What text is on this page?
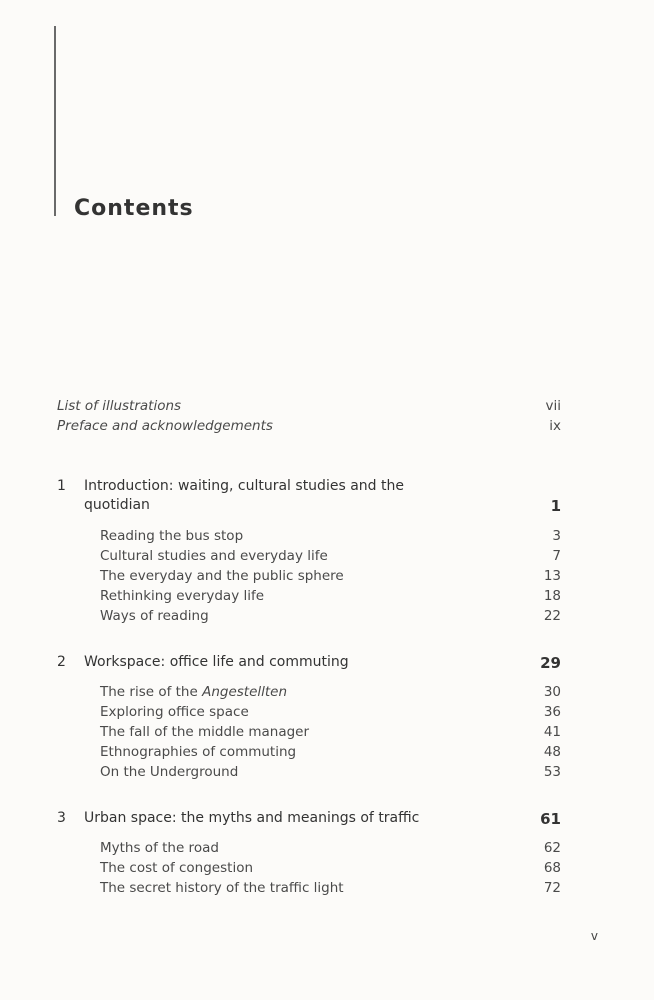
Contents
List of illustrations	vii
Preface and acknowledgements	ix
1 Introduction: waiting, cultural studies and the
quotidian	1
Reading the bus stop	3
Cultural studies and everyday life	7
The everyday and the public sphere	13
Rethinking everyday life	18
Ways of reading	22
2 Workspace: office life and commuting	29
The rise of the Angestellten	30
Exploring office space	36
The fall of the middle manager	41
Ethnographies of commuting	48
On the Underground	53
3 Urban space: the myths and meanings of traffic	61
Myths of the road	62
The cost of congestion	68
The secret history of the traffic light	72
v
